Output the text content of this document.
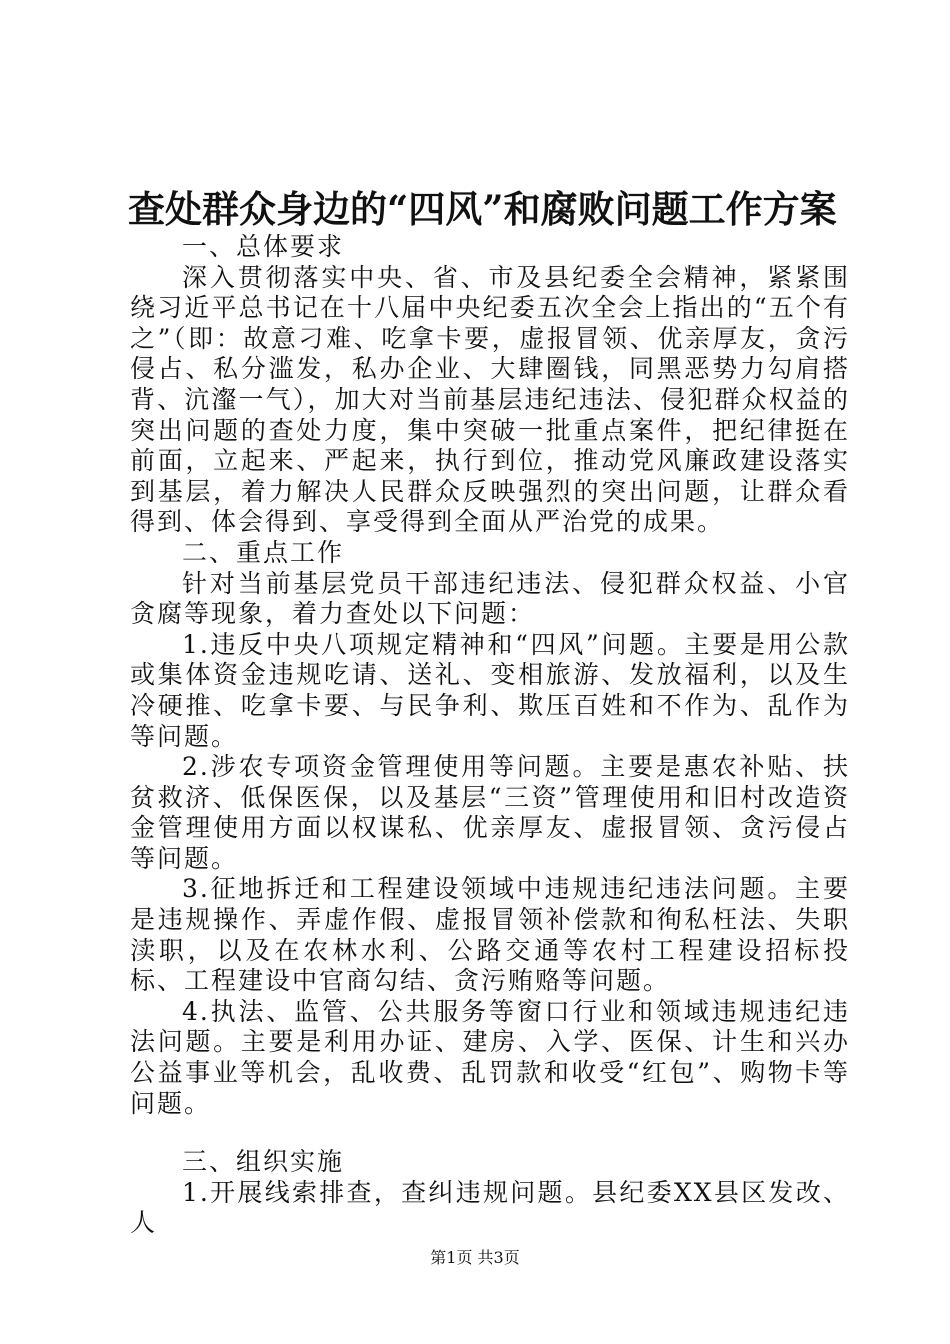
查处群众身边的“四风”和腐败问题工作方案

一、总体要求

深入贯彻落实中央、省、市及县纪委全会精神，紧紧围绕习近平总书记在十八届中央纪委五次全会上指出的“五个有之”（即：故意刁难、吃拿卡要，虚报冒领、优亲厚友，贪污侵占、私分滥发，私办企业、大肆圈钱，同黑恶势力勾肩搭背、沆瀣一气），加大对当前基层违纪违法、侵犯群众权益的突出问题的查处力度，集中突破一批重点案件，把纪律挺在前面，立起来、严起来，执行到位，推动党风廉政建设落实到基层，着力解决人民群众反映强烈的突出问题，让群众看得到、体会得到、享受得到全面从严治党的成果。

二、重点工作

针对当前基层党员干部违纪违法、侵犯群众权益、小官贪腐等现象，着力查处以下问题：

1.违反中央八项规定精神和“四风”问题。主要是用公款或集体资金违规吃请、送礼、变相旅游、发放福利，以及生冷硬推、吃拿卡要、与民争利、欺压百姓和不作为、乱作为等问题。

2.涉农专项资金管理使用等问题。主要是惠农补贴、扶贫救济、低保医保，以及基层“三资”管理使用和旧村改造资金管理使用方面以权谋私、优亲厚友、虚报冒领、贪污侵占等问题。

3.征地拆迁和工程建设领域中违规违纪违法问题。主要是违规操作、弄虚作假、虚报冒领补偿款和徇私枉法、失职渎职，以及在农林水利、公路交通等农村工程建设招标投标、工程建设中官商勾结、贪污贿赂等问题。

4.执法、监管、公共服务等窗口行业和领域违规违纪违法问题。主要是利用办证、建房、入学、医保、计生和兴办公益事业等机会，乱收费、乱罚款和收受“红包”、购物卡等问题。

三、组织实施

1.开展线索排查，查纠违规问题。县纪委XX县区发改、人

第1页 共3页
